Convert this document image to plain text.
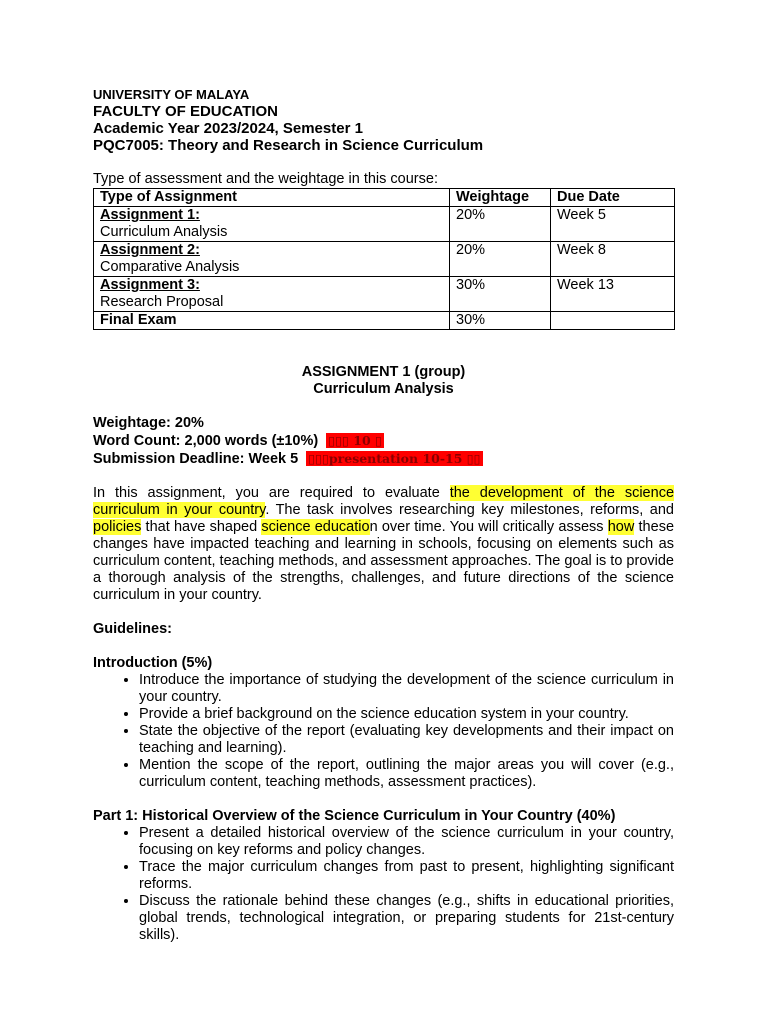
UNIVERSITY OF MALAYA
FACULTY OF EDUCATION
Academic Year 2023/2024, Semester 1
PQC7005: Theory and Research in Science Curriculum
Type of assessment and the weightage in this course:
Type of Assignment	Weightage	Due Date
Assignment 1:
Curriculum Analysis	20%	Week 5
Assignment 2:
Comparative Analysis	20%	Week 8
Assignment 3:
Research Proposal	30%	Week 13
Final Exam	30%	
ASSIGNMENT 1 (group)
Curriculum Analysis
Weightage: 20%
Word Count: 2,000 words (±10%) ▯▯▯ 10 ▯
Submission Deadline: Week 5 ▯▯▯presentation 10-15 ▯▯
In this assignment, you are required to evaluate the development of the science curriculum in your country. The task involves researching key milestones, reforms, and policies that have shaped science education over time. You will critically assess how these changes have impacted teaching and learning in schools, focusing on elements such as curriculum content, teaching methods, and assessment approaches. The goal is to provide a thorough analysis of the strengths, challenges, and future directions of the science curriculum in your country.
Guidelines:
Introduction (5%)
• Introduce the importance of studying the development of the science curriculum in your country.
• Provide a brief background on the science education system in your country.
• State the objective of the report (evaluating key developments and their impact on teaching and learning).
• Mention the scope of the report, outlining the major areas you will cover (e.g., curriculum content, teaching methods, assessment practices).
Part 1: Historical Overview of the Science Curriculum in Your Country (40%)
• Present a detailed historical overview of the science curriculum in your country, focusing on key reforms and policy changes.
• Trace the major curriculum changes from past to present, highlighting significant reforms.
• Discuss the rationale behind these changes (e.g., shifts in educational priorities, global trends, technological integration, or preparing students for 21st-century skills).
